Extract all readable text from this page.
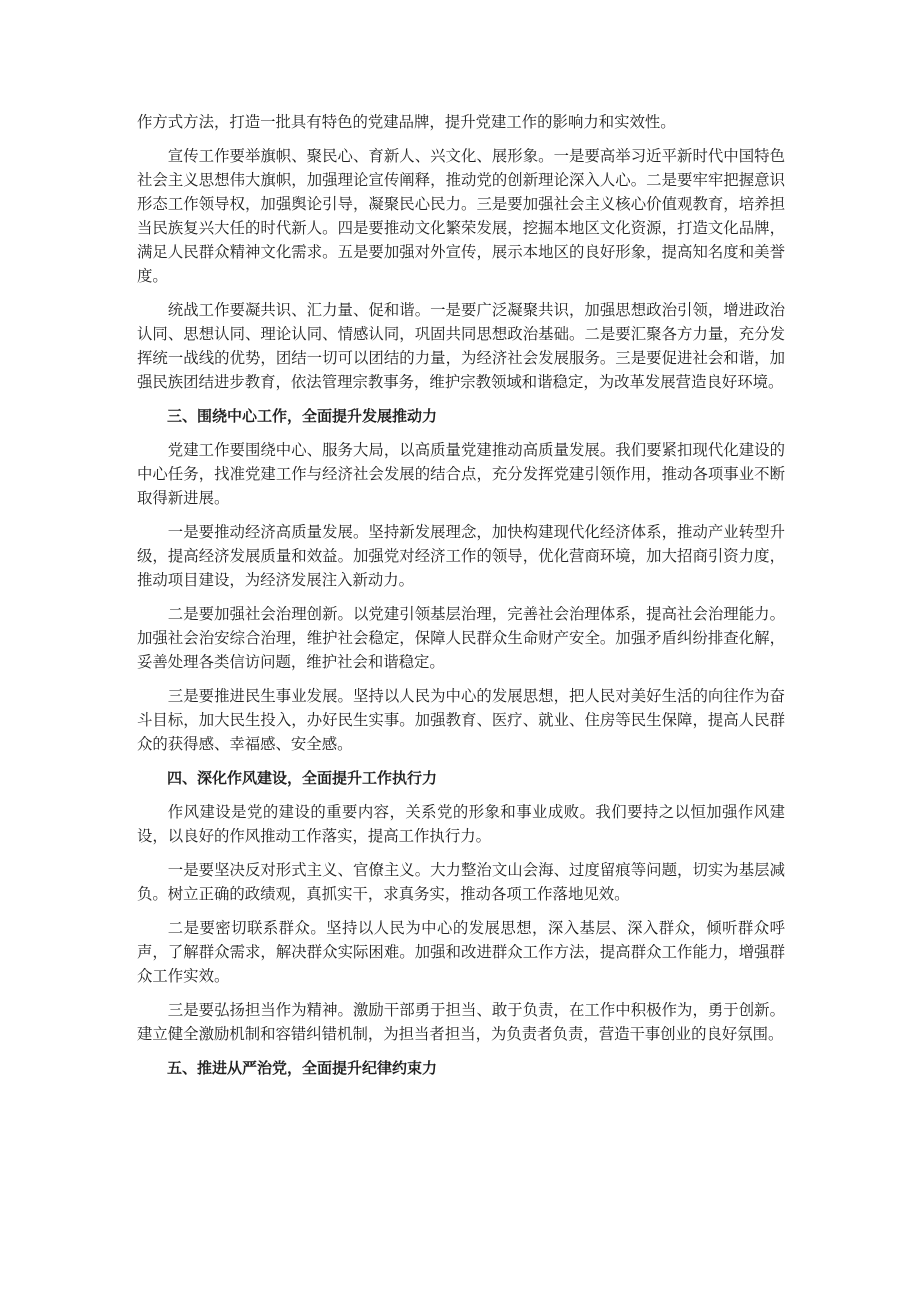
作方式方法，打造一批具有特色的党建品牌，提升党建工作的影响力和实效性。

宣传工作要举旗帜、聚民心、育新人、兴文化、展形象。一是要高举习近平新时代中国特色社会主义思想伟大旗帜，加强理论宣传阐释，推动党的创新理论深入人心。二是要牢牢把握意识形态工作领导权，加强舆论引导，凝聚民心民力。三是要加强社会主义核心价值观教育，培养担当民族复兴大任的时代新人。四是要推动文化繁荣发展，挖掘本地区文化资源，打造文化品牌，满足人民群众精神文化需求。五是要加强对外宣传，展示本地区的良好形象，提高知名度和美誉度。

统战工作要凝共识、汇力量、促和谐。一是要广泛凝聚共识，加强思想政治引领，增进政治认同、思想认同、理论认同、情感认同，巩固共同思想政治基础。二是要汇聚各方力量，充分发挥统一战线的优势，团结一切可以团结的力量，为经济社会发展服务。三是要促进社会和谐，加强民族团结进步教育，依法管理宗教事务，维护宗教领域和谐稳定，为改革发展营造良好环境。

三、围绕中心工作，全面提升发展推动力

党建工作要围绕中心、服务大局，以高质量党建推动高质量发展。我们要紧扣现代化建设的中心任务，找准党建工作与经济社会发展的结合点，充分发挥党建引领作用，推动各项事业不断取得新进展。

一是要推动经济高质量发展。坚持新发展理念，加快构建现代化经济体系，推动产业转型升级，提高经济发展质量和效益。加强党对经济工作的领导，优化营商环境，加大招商引资力度，推动项目建设，为经济发展注入新动力。

二是要加强社会治理创新。以党建引领基层治理，完善社会治理体系，提高社会治理能力。加强社会治安综合治理，维护社会稳定，保障人民群众生命财产安全。加强矛盾纠纷排查化解，妥善处理各类信访问题，维护社会和谐稳定。

三是要推进民生事业发展。坚持以人民为中心的发展思想，把人民对美好生活的向往作为奋斗目标，加大民生投入，办好民生实事。加强教育、医疗、就业、住房等民生保障，提高人民群众的获得感、幸福感、安全感。

四、深化作风建设，全面提升工作执行力

作风建设是党的建设的重要内容，关系党的形象和事业成败。我们要持之以恒加强作风建设，以良好的作风推动工作落实，提高工作执行力。

一是要坚决反对形式主义、官僚主义。大力整治文山会海、过度留痕等问题，切实为基层减负。树立正确的政绩观，真抓实干，求真务实，推动各项工作落地见效。

二是要密切联系群众。坚持以人民为中心的发展思想，深入基层、深入群众，倾听群众呼声，了解群众需求，解决群众实际困难。加强和改进群众工作方法，提高群众工作能力，增强群众工作实效。

三是要弘扬担当作为精神。激励干部勇于担当、敢于负责，在工作中积极作为，勇于创新。建立健全激励机制和容错纠错机制，为担当者担当，为负责者负责，营造干事创业的良好氛围。

五、推进从严治党，全面提升纪律约束力
